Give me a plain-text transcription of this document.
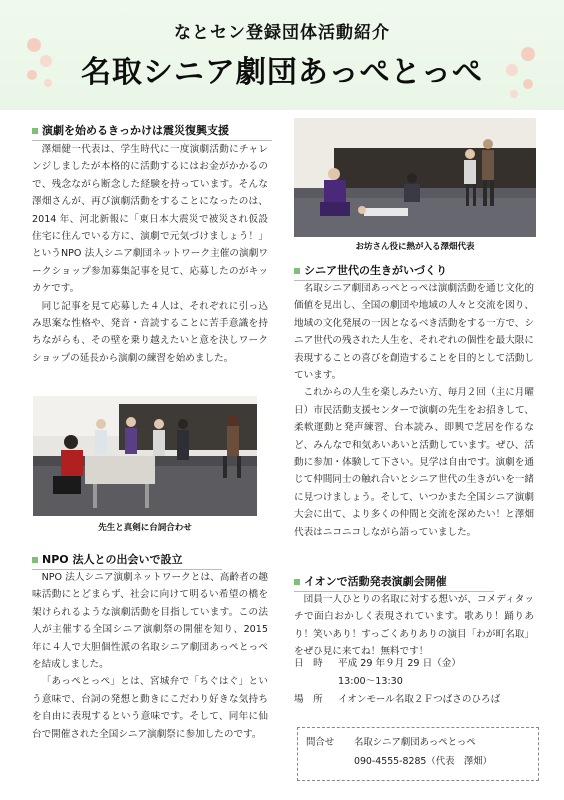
なとセン登録団体活動紹介
名取シニア劇団あっぺとっぺ
演劇を始めるきっかけは震災復興支援

澤畑健一代表は、学生時代に一度演劇活動にチャレンジしましたが本格的に活動するにはお金がかかるので、残念ながら断念した経験を持っています。そんな澤畑さんが、再び演劇活動をすることになったのは、2014 年、河北新報に「東日本大震災で被災され仮設住宅に住んでいる方に、演劇で元気づけましょう！」というNPO 法人シニア劇団ネットワーク主催の演劇ワークショップ参加募集記事を見て、応募したのがキッカケです。

同じ記事を見て応募した４人は、それぞれに引っ込み思案な性格や、発音・音読することに苦手意識を持ちながらも、その壁を乗り越えたいと意を決しワークショップの延長から演劇の練習を始めました。

先生と真剣に台詞合わせ
NPO 法人との出会いで設立

NPO 法人シニア演劇ネットワークとは、高齢者の趣味活動にとどまらず、社会に向けて明るい希望の橋を架けられるような演劇活動を目指しています。この法人が主催する全国シニア演劇祭の開催を知り、2015 年に４人で大胆個性派の名取シニア劇団あっぺとっぺを結成しました。

「あっぺとっぺ」とは、宮城弁で「ちぐはぐ」という意味で、台詞の発想と動きにこだわり好きな気持ちを自由に表現するという意味です。そして、同年に仙台で開催された全国シニア演劇祭に参加したのです。

お坊さん役に熱が入る澤畑代表
シニア世代の生きがいづくり

名取シニア劇団あっぺとっぺは演劇活動を通じ文化的価値を見出し、全国の劇団や地域の人々と交流を図り、地域の文化発展の一因となるべき活動をする一方で、シニア世代の残された人生を、それぞれの個性を最大限に表現することの喜びを創造することを目的として活動しています。

これからの人生を楽しみたい方、毎月２回（主に月曜日）市民活動支援センターで演劇の先生をお招きして、柔軟運動と発声練習、台本読み、即興で芝居を作るなど、みんなで和気あいあいと活動しています。ぜひ、活動に参加・体験して下さい。見学は自由です。演劇を通じて仲間同士の触れ合いとシニア世代の生きがいを一緒に見つけましょう。そして、いつかまた全国シニア演劇大会に出て、より多くの仲間と交流を深めたい！と澤畑代表はニコニコしながら語っていました。

イオンで活動発表演劇会開催

団員一人ひとりの名取に対する想いが、コメディタッチで面白おかしく表現されています。歌あり！踊りあり！笑いあり！すっごくありありの演目「わが町名取」をぜひ見に来てね！無料です！

日　時 平成 29 年９月 29 日（金）
13:00～13:30
場　所 イオンモール名取２Ｆつばさのひろば
問合せ 名取シニア劇団あっぺとっぺ
090-4555-8285（代表　澤畑）
